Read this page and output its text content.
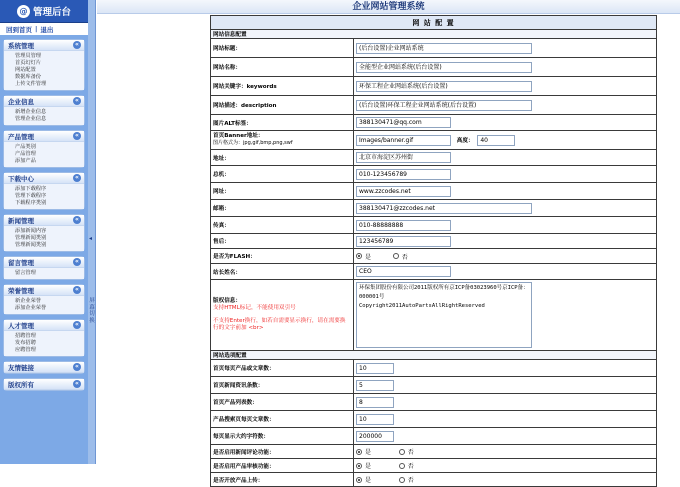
@ 管理后台
回到首页 | 退出
系统管理	«
管理员管理
首页幻灯片
网站配置
数据库备份
上传文件管理
企业信息	«
新增企业信息
管理企业信息
产品管理	«
产品类别
产品管理
添加产品
下载中心	«
添加下载程序
管理下载程序
下载程序类别
新闻管理	«
添加新闻内容
管理新闻类别
管理新闻类别
留言管理	«
留言管理
荣誉管理	«
新企业荣誉
添加企业荣誉
人才管理	«
招聘管理
发布招聘
应聘管理
友情链接	«
版权所有	«
◂
屏幕切换
企业网站管理系统
网 站 配 置	
网站信息配置	
网站标题：	(后台设置)企业网站系统
网站名称：	全能型企业网站系统(后台设置)
网站关键字：keywords	环保工程企业网站系统(后台设置)
网站描述：description	(后台设置)环保工程企业网站系统(后台设置)
图片ALT标签：	388130471@qq.com

首页Banner地址：
图片格式为：jpg,gif,bmp,png,swf	Images/banner.gif 高度： 40
地址：	北京市海淀区苏州街
总机：	010-123456789
网址：	www.zzcodes.net
邮箱：	388130471@zzcodes.net
传真：	010-88888888
售后：	123456789
是否为FLASH：	是 否
站长姓名：	CEO

版权信息：
支持HTML标记，不能使用双引号
不支持Enter换行，如若自需要显示换行，请在需要换行的文字前加 <br>	环保集团股份有限公司2011版权所有京ICP备03023960号京ICP备：000001号
Copyright2011AutoPartsAllRightReserved

网站选项配置	
首页每页产品或文章数：	10
首页新闻资讯条数：	5
首页产品列表数：	8
产品搜索页每页文章数：	10
每页显示大约字符数：	200000
是否启用新闻评论功能：	是 否
是否启用产品审核功能：	是 否
是否开放产品上传：	是 否
